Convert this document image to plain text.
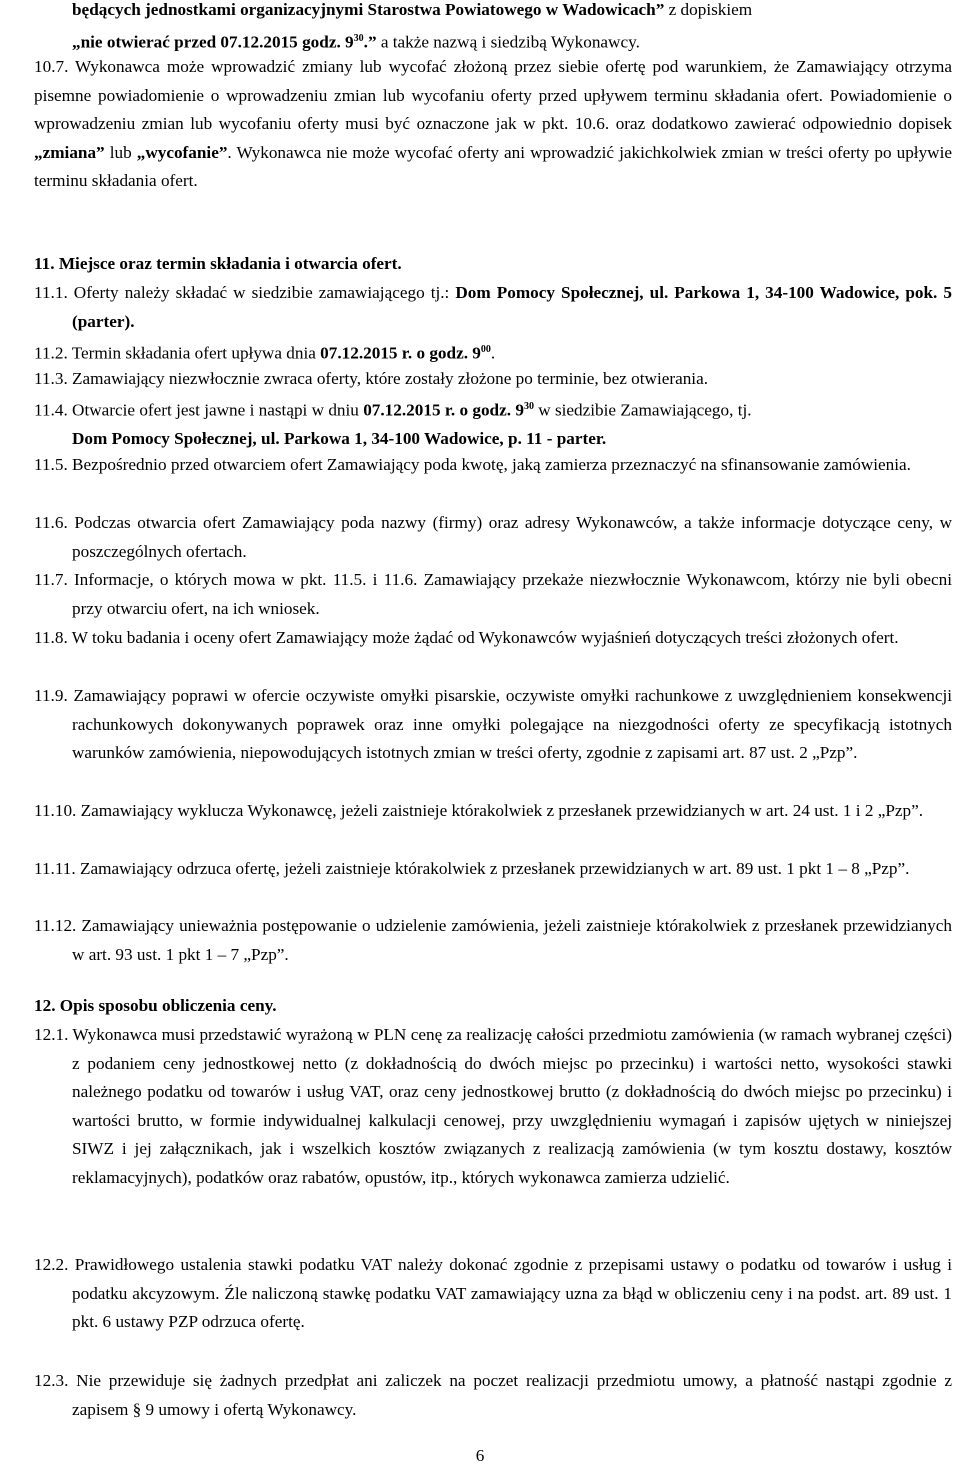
będących jednostkami organizacyjnymi Starostwa Powiatowego w Wadowicach” z dopiskiem
„nie otwierać przed 07.12.2015 godz. $9^{30}$.” a także nazwą i siedzibą Wykonawcy.
10.7. Wykonawca może wprowadzić zmiany lub wycofać złożoną przez siebie ofertę pod warunkiem, że Zamawiający otrzyma pisemne powiadomienie o wprowadzeniu zmian lub wycofaniu oferty przed upływem terminu składania ofert. Powiadomienie o wprowadzeniu zmian lub wycofaniu oferty musi być oznaczone jak w pkt. 10.6. oraz dodatkowo zawierać odpowiednio dopisek „zmiana” lub „wycofanie”. Wykonawca nie może wycofać oferty ani wprowadzić jakichkolwiek zmian w treści oferty po upływie terminu składania ofert.
11. Miejsce oraz termin składania i otwarcia ofert.
11.1. Oferty należy składać w siedzibie zamawiającego tj.: Dom Pomocy Społecznej, ul. Parkowa 1, 34-100 Wadowice, pok. 5 (parter).
11.2. Termin składania ofert upływa dnia 07.12.2015 r. o godz. $9^{00}$.
11.3. Zamawiający niezwłocznie zwraca oferty, które zostały złożone po terminie, bez otwierania.
11.4. Otwarcie ofert jest jawne i nastąpi w dniu 07.12.2015 r. o godz. $9^{30}$ w siedzibie Zamawiającego, tj.
Dom Pomocy Społecznej, ul. Parkowa 1, 34-100 Wadowice, p. 11 - parter.
11.5. Bezpośrednio przed otwarciem ofert Zamawiający poda kwotę, jaką zamierza przeznaczyć na sfinansowanie zamówienia.
11.6. Podczas otwarcia ofert Zamawiający poda nazwy (firmy) oraz adresy Wykonawców, a także informacje dotyczące ceny, w poszczególnych ofertach.
11.7. Informacje, o których mowa w pkt. 11.5. i 11.6. Zamawiający przekaże niezwłocznie Wykonawcom, którzy nie byli obecni przy otwarciu ofert, na ich wniosek.
11.8. W toku badania i oceny ofert Zamawiający może żądać od Wykonawców wyjaśnień dotyczących treści złożonych ofert.
11.9. Zamawiający poprawi w ofercie oczywiste omyłki pisarskie, oczywiste omyłki rachunkowe z uwzględnieniem konsekwencji rachunkowych dokonywanych poprawek oraz inne omyłki polegające na niezgodności oferty ze specyfikacją istotnych warunków zamówienia, niepowodujących istotnych zmian w treści oferty, zgodnie z zapisami art. 87 ust. 2 „Pzp”.
11.10. Zamawiający wyklucza Wykonawcę, jeżeli zaistnieje którakolwiek z przesłanek przewidzianych w art. 24 ust. 1 i 2 „Pzp”.
11.11. Zamawiający odrzuca ofertę, jeżeli zaistnieje którakolwiek z przesłanek przewidzianych w art. 89 ust. 1 pkt 1 – 8 „Pzp”.
11.12. Zamawiający unieważnia postępowanie o udzielenie zamówienia, jeżeli zaistnieje którakolwiek z przesłanek przewidzianych w art. 93 ust. 1 pkt 1 – 7 „Pzp”.
12. Opis sposobu obliczenia ceny.
12.1. Wykonawca musi przedstawić wyrażoną w PLN cenę za realizację całości przedmiotu zamówienia (w ramach wybranej części) z podaniem ceny jednostkowej netto (z dokładnością do dwóch miejsc po przecinku) i wartości netto, wysokości stawki należnego podatku od towarów i usług VAT, oraz ceny jednostkowej brutto (z dokładnością do dwóch miejsc po przecinku) i wartości brutto, w formie indywidualnej kalkulacji cenowej, przy uwzględnieniu wymagań i zapisów ujętych w niniejszej SIWZ i jej załącznikach, jak i wszelkich kosztów związanych z realizacją zamówienia (w tym kosztu dostawy, kosztów reklamacyjnych), podatków oraz rabatów, opustów, itp., których wykonawca zamierza udzielić.
12.2. Prawidłowego ustalenia stawki podatku VAT należy dokonać zgodnie z przepisami ustawy o podatku od towarów i usług i podatku akcyzowym. Źle naliczoną stawkę podatku VAT zamawiający uzna za błąd w obliczeniu ceny i na podst. art. 89 ust. 1 pkt. 6 ustawy PZP odrzuca ofertę.
12.3. Nie przewiduje się żadnych przedpłat ani zaliczek na poczet realizacji przedmiotu umowy, a płatność nastąpi zgodnie z zapisem § 9 umowy i ofertą Wykonawcy.
6
